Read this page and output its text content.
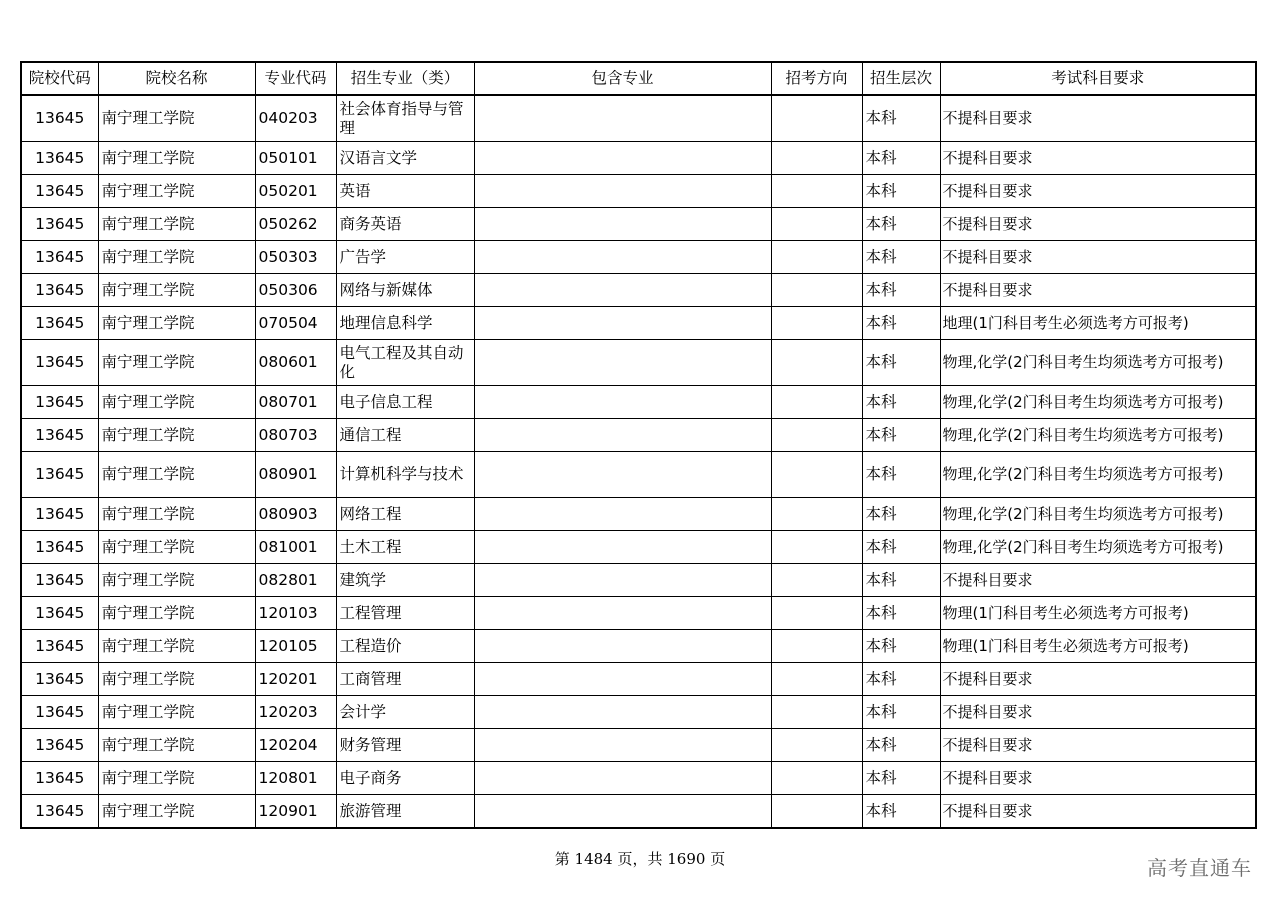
院校代码	院校名称	专业代码	招生专业（类）	包含专业	招考方向	招生层次	考试科目要求
13645	南宁理工学院	040203	社会体育指导与管理			本科	不提科目要求
13645	南宁理工学院	050101	汉语言文学			本科	不提科目要求
13645	南宁理工学院	050201	英语			本科	不提科目要求
13645	南宁理工学院	050262	商务英语			本科	不提科目要求
13645	南宁理工学院	050303	广告学			本科	不提科目要求
13645	南宁理工学院	050306	网络与新媒体			本科	不提科目要求
13645	南宁理工学院	070504	地理信息科学			本科	地理(1门科目考生必须选考方可报考)
13645	南宁理工学院	080601	电气工程及其自动化			本科	物理,化学(2门科目考生均须选考方可报考)
13645	南宁理工学院	080701	电子信息工程			本科	物理,化学(2门科目考生均须选考方可报考)
13645	南宁理工学院	080703	通信工程			本科	物理,化学(2门科目考生均须选考方可报考)
13645	南宁理工学院	080901	计算机科学与技术			本科	物理,化学(2门科目考生均须选考方可报考)
13645	南宁理工学院	080903	网络工程			本科	物理,化学(2门科目考生均须选考方可报考)
13645	南宁理工学院	081001	土木工程			本科	物理,化学(2门科目考生均须选考方可报考)
13645	南宁理工学院	082801	建筑学			本科	不提科目要求
13645	南宁理工学院	120103	工程管理			本科	物理(1门科目考生必须选考方可报考)
13645	南宁理工学院	120105	工程造价			本科	物理(1门科目考生必须选考方可报考)
13645	南宁理工学院	120201	工商管理			本科	不提科目要求
13645	南宁理工学院	120203	会计学			本科	不提科目要求
13645	南宁理工学院	120204	财务管理			本科	不提科目要求
13645	南宁理工学院	120801	电子商务			本科	不提科目要求
13645	南宁理工学院	120901	旅游管理			本科	不提科目要求
第 1484 页，共 1690 页	高考直通车
